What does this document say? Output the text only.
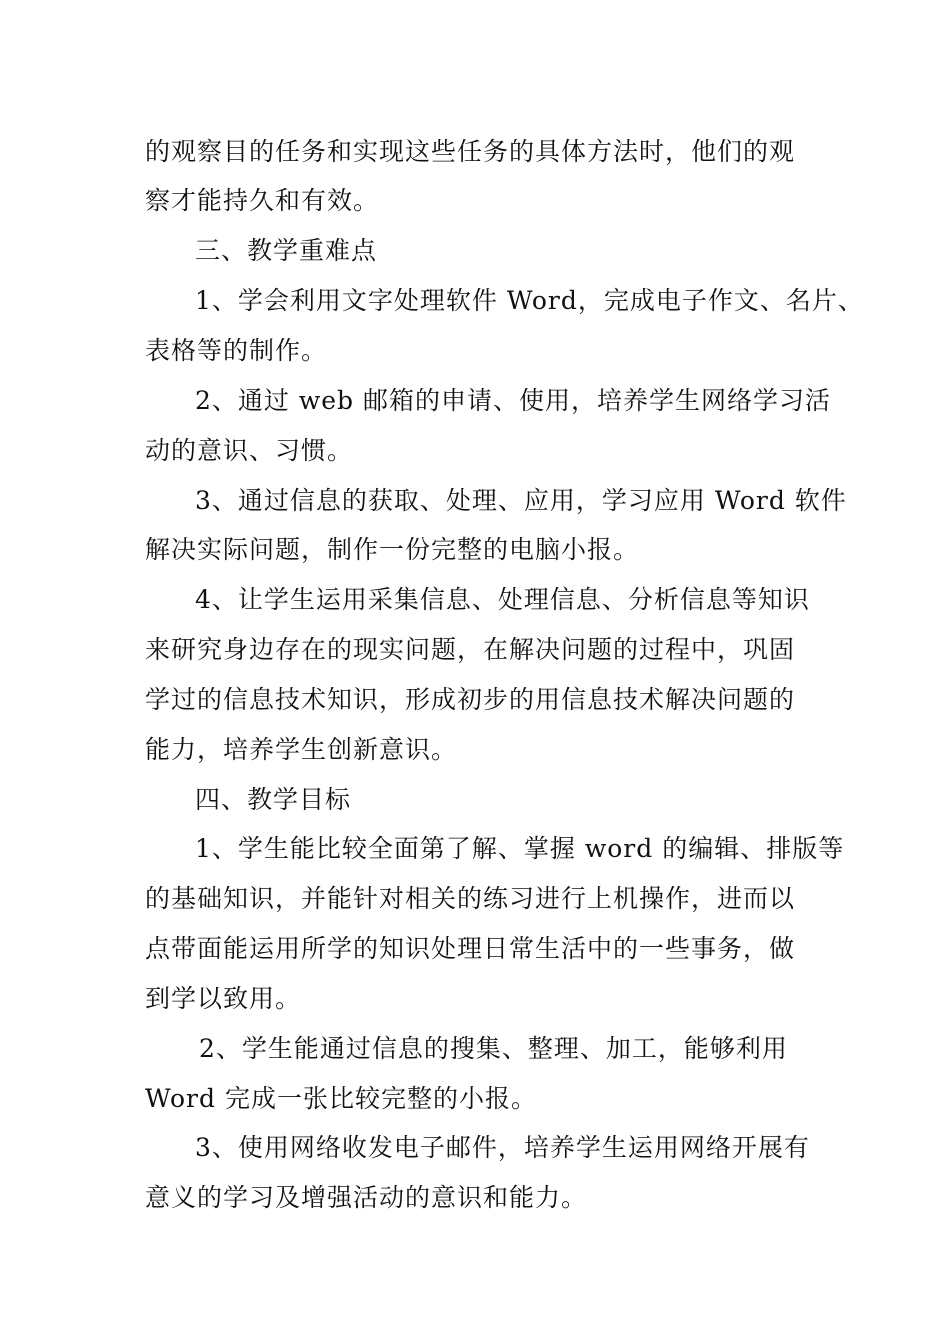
的观察目的任务和实现这些任务的具体方法时，他们的观
察才能持久和有效。
三、教学重难点
1、学会利用文字处理软件 Word，完成电子作文、名片、
表格等的制作。
2、通过 web 邮箱的申请、使用，培养学生网络学习活
动的意识、习惯。
3、通过信息的获取、处理、应用，学习应用 Word 软件
解决实际问题，制作一份完整的电脑小报。
4、让学生运用采集信息、处理信息、分析信息等知识
来研究身边存在的现实问题，在解决问题的过程中，巩固
学过的信息技术知识，形成初步的用信息技术解决问题的
能力，培养学生创新意识。
四、教学目标
1、学生能比较全面第了解、掌握 word 的编辑、排版等
的基础知识，并能针对相关的练习进行上机操作，进而以
点带面能运用所学的知识处理日常生活中的一些事务，做
到学以致用。
2、学生能通过信息的搜集、整理、加工，能够利用
Word 完成一张比较完整的小报。
3、使用网络收发电子邮件，培养学生运用网络开展有
意义的学习及增强活动的意识和能力。
